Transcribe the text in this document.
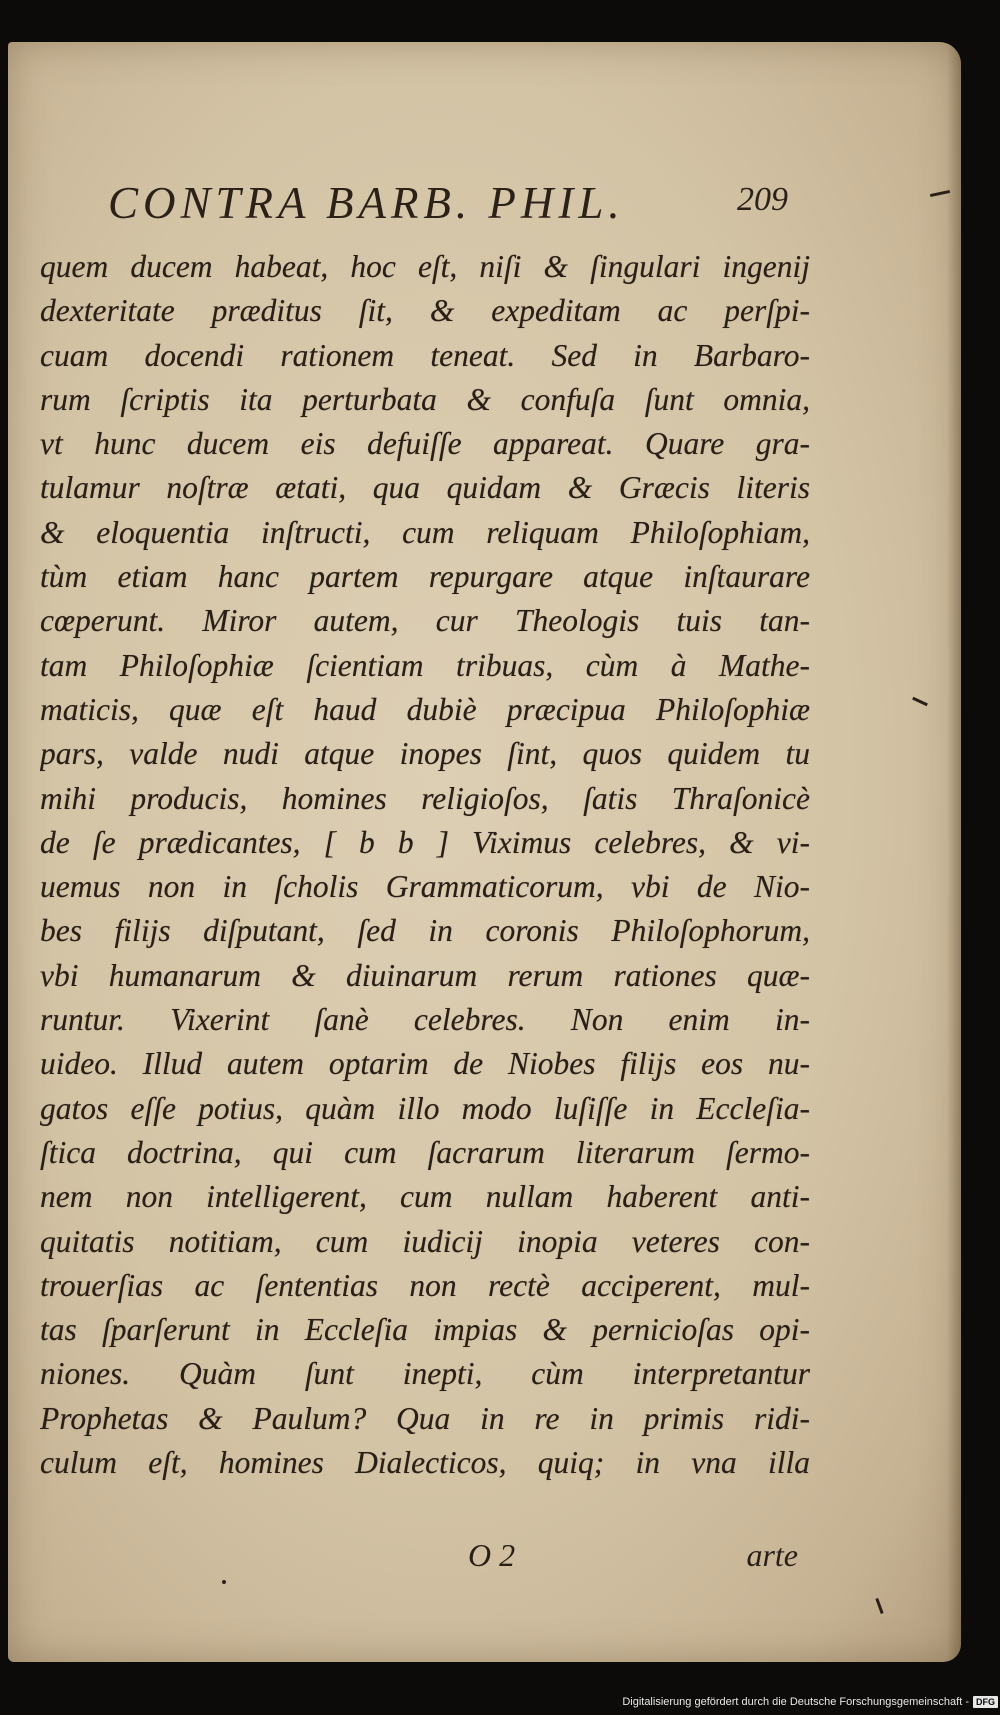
CONTRA BARB. PHIL.	209
quem ducem habeat, hoc eſt, niſi & ſingulari ingenij
dexteritate præditus ſit, & expeditam ac perſpi-
cuam docendi rationem teneat. Sed in Barbaro-
rum ſcriptis ita perturbata & confuſa ſunt omnia,
vt hunc ducem eis defuiſſe appareat. Quare gra-
tulamur noſtræ ætati, qua quidam & Græcis literis
& eloquentia inſtructi, cum reliquam Philoſophiam,
tùm etiam hanc partem repurgare atque inſtaurare
cœperunt. Miror autem, cur Theologis tuis tan-
tam Philoſophiæ ſcientiam tribuas, cùm à Mathe-
maticis, quæ eſt haud dubiè præcipua Philoſophiæ
pars, valde nudi atque inopes ſint, quos quidem tu
mihi producis, homines religioſos, ſatis Thraſonicè
de ſe prædicantes, [ b b ] Viximus celebres, & vi-
uemus non in ſcholis Grammaticorum, vbi de Nio-
bes filijs diſputant, ſed in coronis Philoſophorum,
vbi humanarum & diuinarum rerum rationes quæ-
runtur. Vixerint ſanè celebres. Non enim in-
uideo. Illud autem optarim de Niobes filijs eos nu-
gatos eſſe potius, quàm illo modo luſiſſe in Eccleſia-
ſtica doctrina, qui cum ſacrarum literarum ſermo-
nem non intelligerent, cum nullam haberent anti-
quitatis notitiam, cum iudicij inopia veteres con-
trouerſias ac ſententias non rectè acciperent, mul-
tas ſparſerunt in Eccleſia impias & pernicioſas opi-
niones. Quàm ſunt inepti, cùm interpretantur
Prophetas & Paulum? Qua in re in primis ridi-
culum eſt, homines Dialecticos, quiq; in vna illa
O 2	arte
Digitalisierung gefördert durch die Deutsche Forschungsgemeinschaft - DFG
